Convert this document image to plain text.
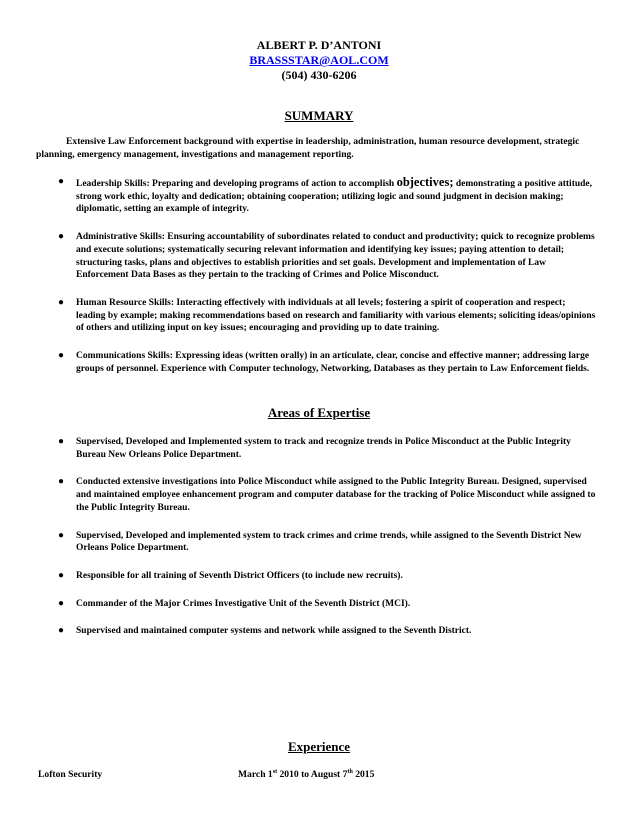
ALBERT P. D’ANTONI
BRASSSTAR@AOL.COM
(504) 430-6206
SUMMARY
Extensive Law Enforcement background with expertise in leadership, administration, human resource development, strategic planning, emergency management, investigations and management reporting.
● Leadership Skills: Preparing and developing programs of action to accomplish objectives; demonstrating a positive attitude, strong work ethic, loyalty and dedication; obtaining cooperation; utilizing logic and sound judgment in decision making; diplomatic, setting an example of integrity.
● Administrative Skills: Ensuring accountability of subordinates related to conduct and productivity; quick to recognize problems and execute solutions; systematically securing relevant information and identifying key issues; paying attention to detail; structuring tasks, plans and objectives to establish priorities and set goals. Development and implementation of Law Enforcement Data Bases as they pertain to the tracking of Crimes and Police Misconduct.
● Human Resource Skills: Interacting effectively with individuals at all levels; fostering a spirit of cooperation and respect; leading by example; making recommendations based on research and familiarity with various elements; soliciting ideas/opinions of others and utilizing input on key issues; encouraging and providing up to date training.
● Communications Skills: Expressing ideas (written orally) in an articulate, clear, concise and effective manner; addressing large groups of personnel. Experience with Computer technology, Networking, Databases as they pertain to Law Enforcement fields.
Areas of Expertise
● Supervised, Developed and Implemented system to track and recognize trends in Police Misconduct at the Public Integrity Bureau New Orleans Police Department.
● Conducted extensive investigations into Police Misconduct while assigned to the Public Integrity Bureau. Designed, supervised and maintained employee enhancement program and computer database for the tracking of Police Misconduct while assigned to the Public Integrity Bureau.
● Supervised, Developed and implemented system to track crimes and crime trends, while assigned to the Seventh District New Orleans Police Department.
● Responsible for all training of Seventh District Officers (to include new recruits).
● Commander of the Major Crimes Investigative Unit of the Seventh District (MCI).
● Supervised and maintained computer systems and network while assigned to the Seventh District.
Experience
Lofton Security	March 1st 2010 to August 7th 2015
